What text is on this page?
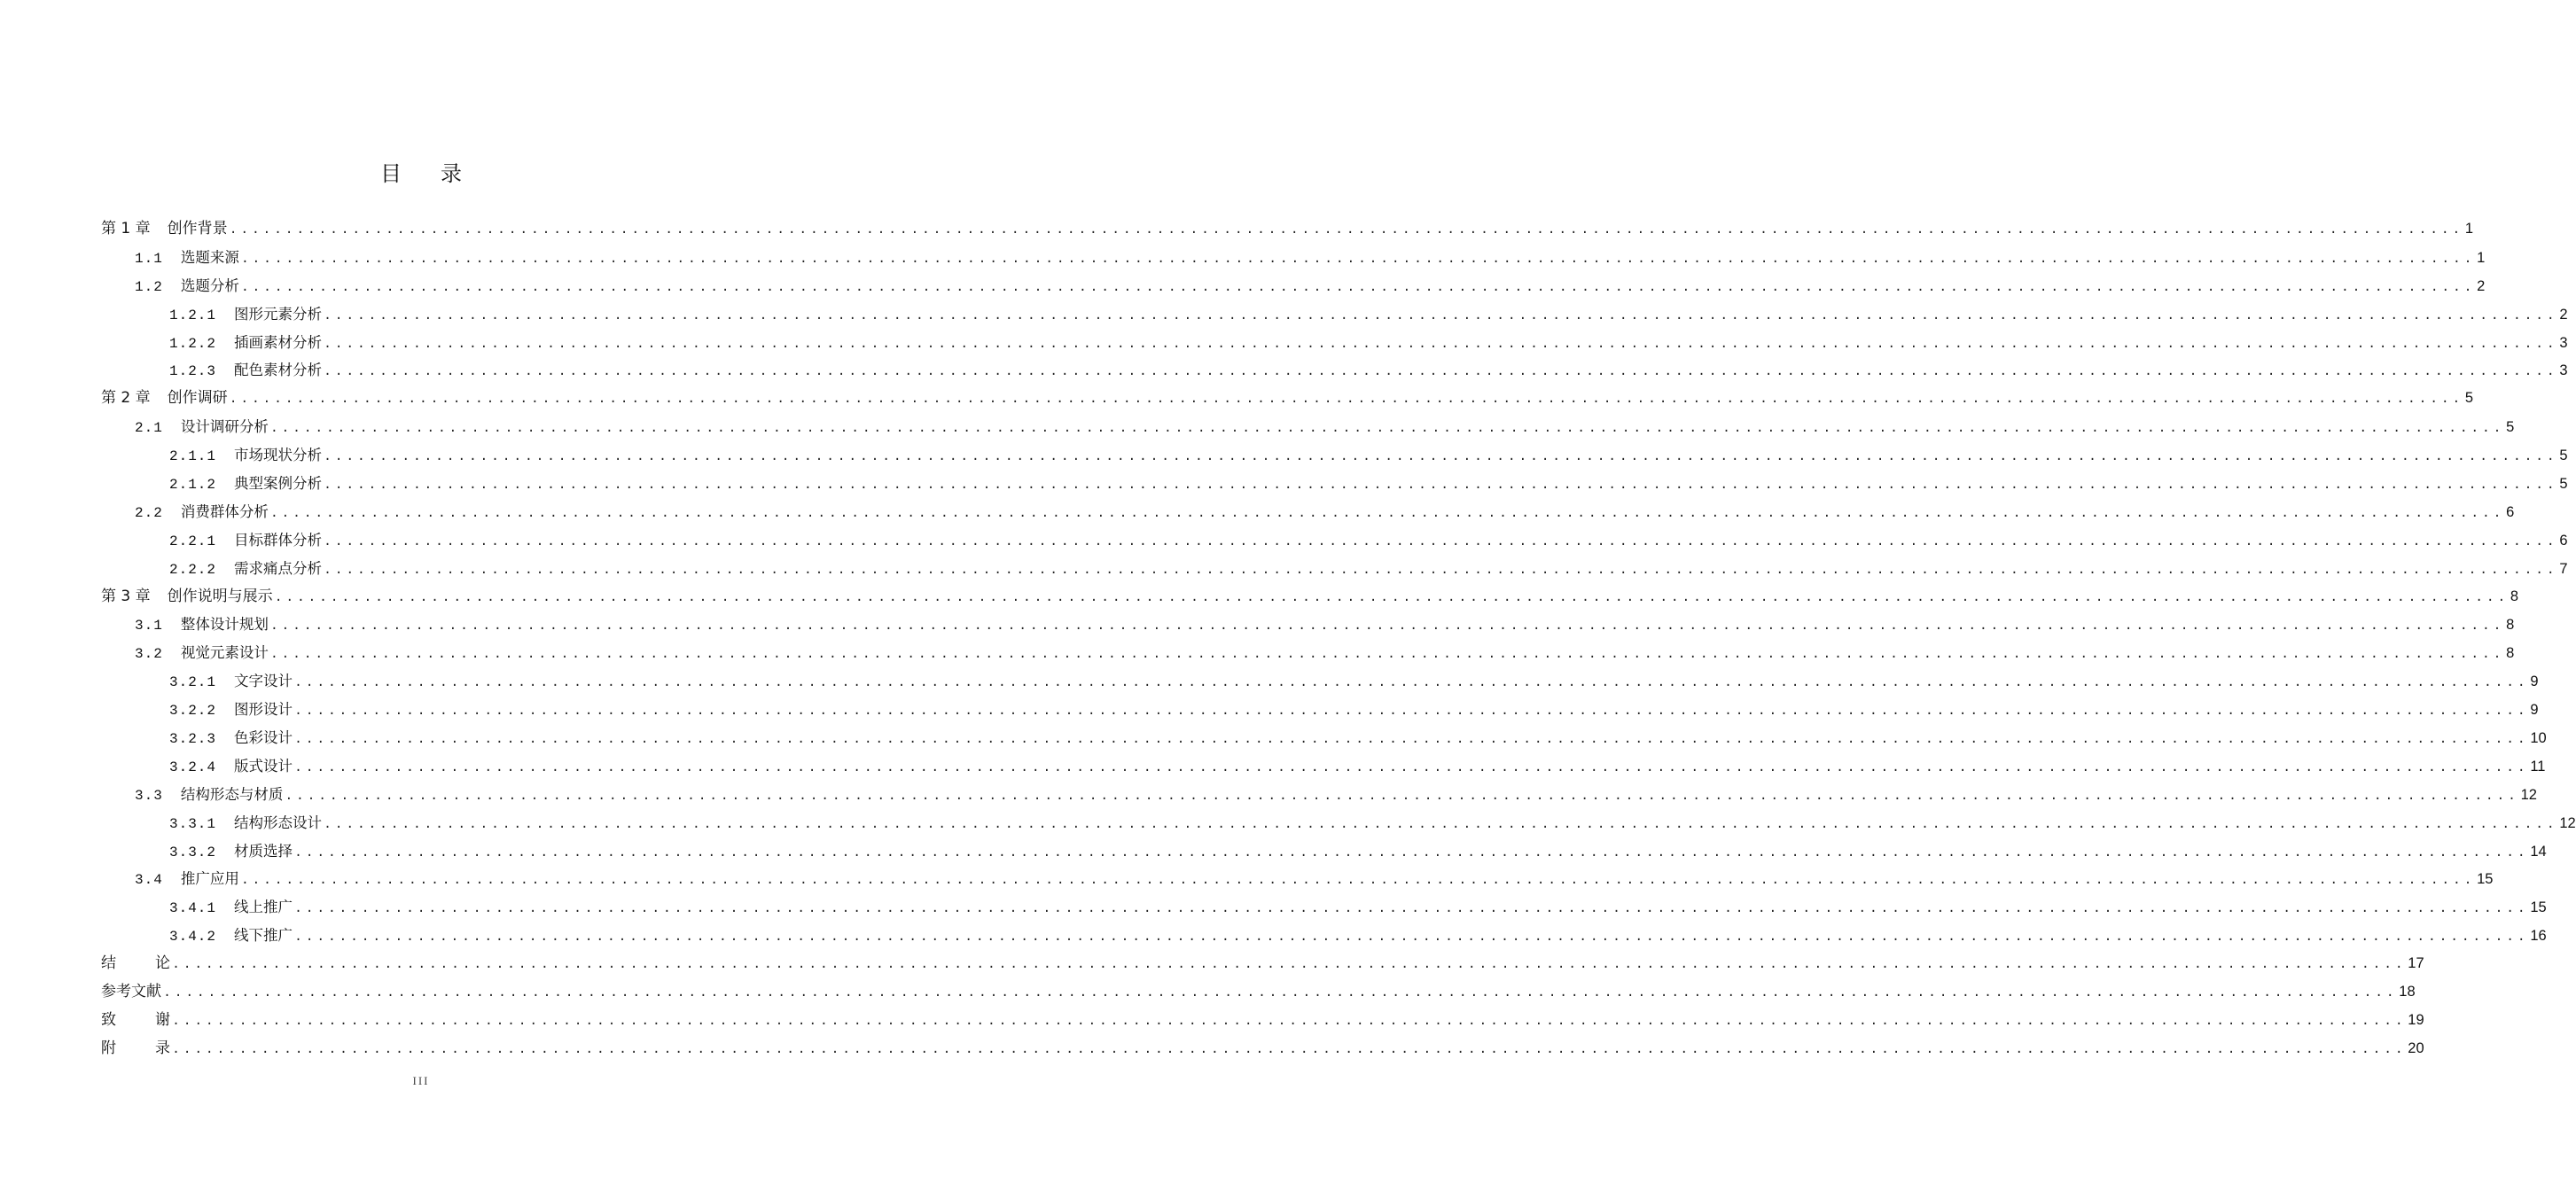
目录
第 1 章 创作背景 ........................................................................................................................................................................................................ 1
1.1 选题来源 ........................................................................................................................................................................................................ 1
1.2 选题分析 ........................................................................................................................................................................................................ 2
1.2.1 图形元素分析 ........................................................................................................................................................................................................ 2
1.2.2 插画素材分析 ........................................................................................................................................................................................................ 3
1.2.3 配色素材分析 ........................................................................................................................................................................................................ 3
第 2 章 创作调研 ........................................................................................................................................................................................................ 5
2.1 设计调研分析 ........................................................................................................................................................................................................ 5
2.1.1 市场现状分析 ........................................................................................................................................................................................................ 5
2.1.2 典型案例分析 ........................................................................................................................................................................................................ 5
2.2 消费群体分析 ........................................................................................................................................................................................................ 6
2.2.1 目标群体分析 ........................................................................................................................................................................................................ 6
2.2.2 需求痛点分析 ........................................................................................................................................................................................................ 7
第 3 章 创作说明与展示 ........................................................................................................................................................................................................ 8
3.1 整体设计规划 ........................................................................................................................................................................................................ 8
3.2 视觉元素设计 ........................................................................................................................................................................................................ 8
3.2.1 文字设计 ........................................................................................................................................................................................................ 9
3.2.2 图形设计 ........................................................................................................................................................................................................ 9
3.2.3 色彩设计 ........................................................................................................................................................................................................ 10
3.2.4 版式设计 ........................................................................................................................................................................................................ 11
3.3 结构形态与材质 ........................................................................................................................................................................................................ 12
3.3.1 结构形态设计 ........................................................................................................................................................................................................ 12
3.3.2 材质选择 ........................................................................................................................................................................................................ 14
3.4 推广应用 ........................................................................................................................................................................................................ 15
3.4.1 线上推广 ........................................................................................................................................................................................................ 15
3.4.2 线下推广 ........................................................................................................................................................................................................ 16
结论
........................................................................................................................................................................................................ 17
参考文献 ........................................................................................................................................................................................................ 18
致谢
........................................................................................................................................................................................................ 19
附录
........................................................................................................................................................................................................ 20
III
